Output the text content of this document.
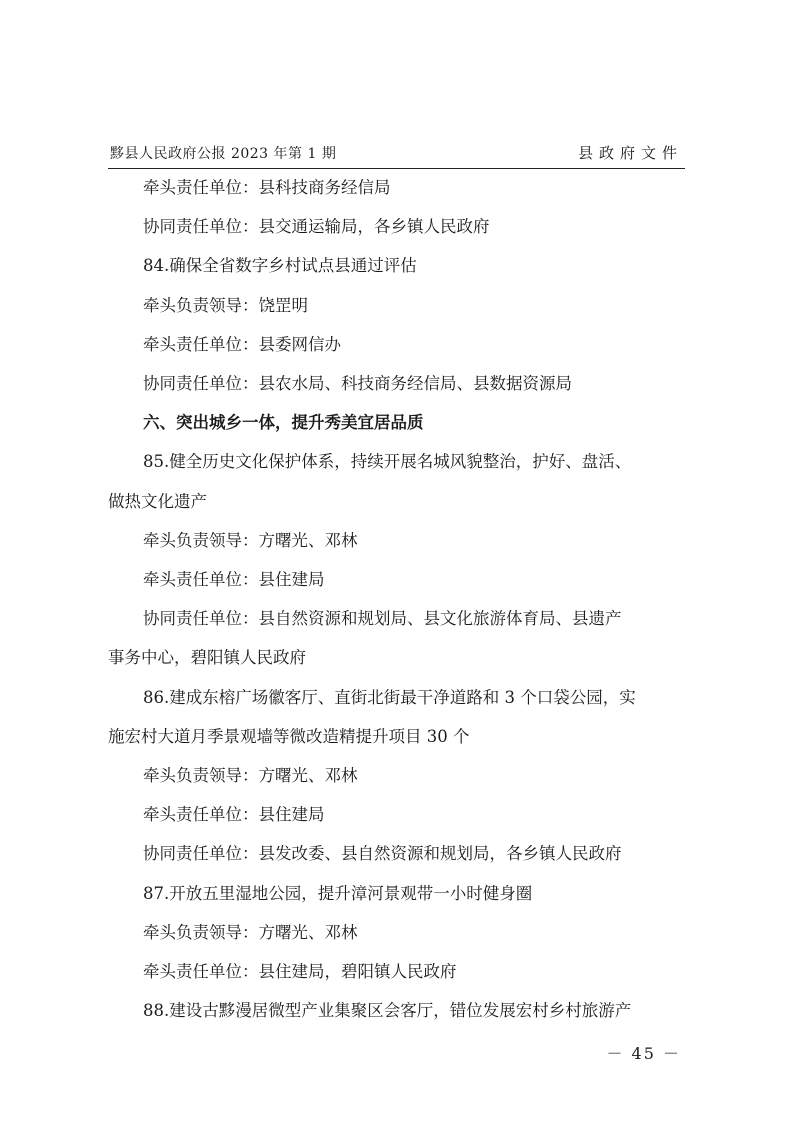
黟县人民政府公报 2023 年第 1 期	县政府文件
牵头责任单位：县科技商务经信局
协同责任单位：县交通运输局，各乡镇人民政府
84.确保全省数字乡村试点县通过评估
牵头负责领导：饶罡明
牵头责任单位：县委网信办
协同责任单位：县农水局、科技商务经信局、县数据资源局
六、突出城乡一体，提升秀美宜居品质
85.健全历史文化保护体系，持续开展名城风貌整治，护好、盘活、
做热文化遗产
牵头负责领导：方曙光、邓林
牵头责任单位：县住建局
协同责任单位：县自然资源和规划局、县文化旅游体育局、县遗产
事务中心，碧阳镇人民政府
86.建成东榕广场徽客厅、直街北街最干净道路和 3 个口袋公园，实
施宏村大道月季景观墙等微改造精提升项目 30 个
牵头负责领导：方曙光、邓林
牵头责任单位：县住建局
协同责任单位：县发改委、县自然资源和规划局，各乡镇人民政府
87.开放五里湿地公园，提升漳河景观带一小时健身圈
牵头负责领导：方曙光、邓林
牵头责任单位：县住建局，碧阳镇人民政府
88.建设古黟漫居微型产业集聚区会客厅，错位发展宏村乡村旅游产
－ 45 －
